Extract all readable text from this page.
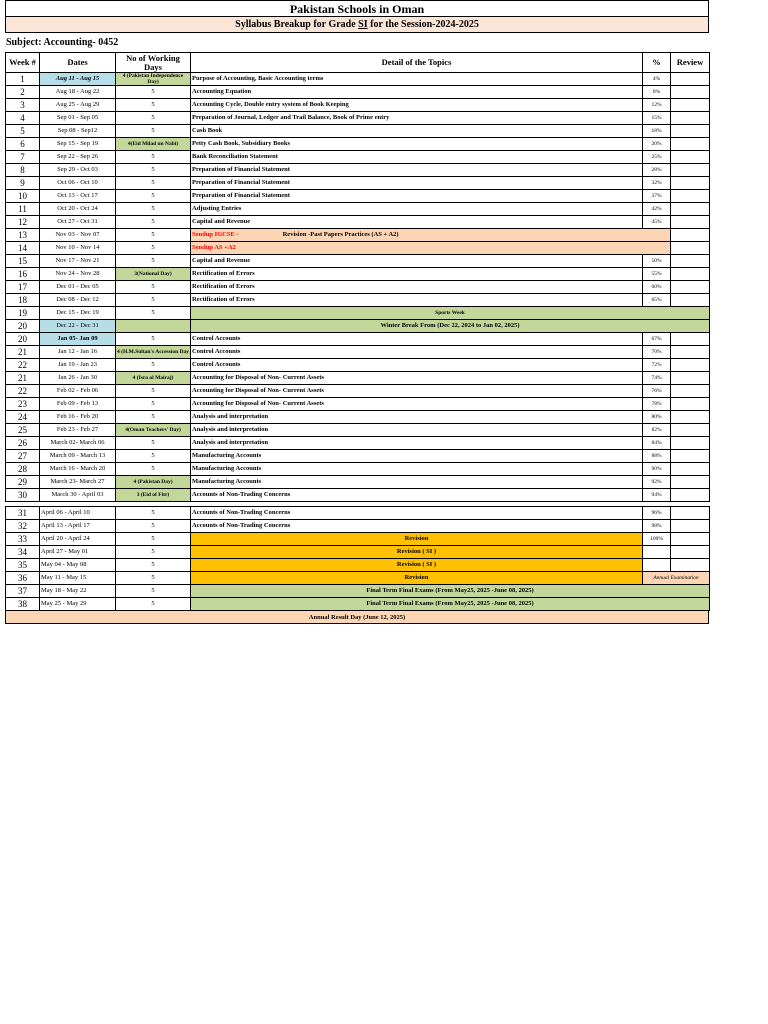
Pakistan Schools in Oman
Syllabus Breakup for Grade SI for the Session-2024-2025
Subject: Accounting- 0452
Week #	Dates	No of Working Days	Detail of the Topics	%	Review
1	Aug 11 - Aug 15	4 (Pakistan Independence Day)	Purpose of Accounting, Basic Accounting terms	4%	
2	Aug 18 - Aug 22	5	Accounting Equation	8%	
3	Aug 25 - Aug 29	5	Accounting Cycle, Double entry system of Book Keeping	12%	
4	Sep 01 - Sep 05	5	Preparation of Journal, Ledger and Trail Balance, Book of Prime entry	15%	
5	Sep 08 - Sep12	5	Cash Book	18%	
6	Sep 15 - Sep 19	4(Eid Milad un Nabi)	Petty Cash Book, Subsidiary Books	20%	
7	Sep 22 - Sep 26	5	Bank Reconciliation Statement	25%	
8	Sep 29 - Oct 03	5	Preparation of Financial Statement	28%	
9	Oct 06 - Oct 10	5	Preparation of Financial Statement	32%	
10	Oct 13 - Oct 17	5	Preparation of Financial Statement	37%	
11	Oct 20 - Oct 24	5	Adjusting Entries	42%	
12	Oct 27 - Oct 31	5	Capital and Revenue	45%	
13	Nov 03 - Nov 07	5	Sendup IGCSE - Revision -Past Papers Practices (AS + A2)		
14	Nov 10 - Nov 14	5	Sendup AS +A2		
15	Nov 17 - Nov 21	5	Capital and Revenue	50%	
16	Nov 24 - Nov 28	3(National Day)	Rectification of Errors	55%	
17	Dec 01 - Dec 05	5	Rectification of Errors	60%	
18	Dec 08 - Dec 12	5	Rectification of Errors	65%	
19	Dec 15 - Dec 19	5	Sports Week		
20	Dec 22 - Dec 31		Winter Break From (Dec 22, 2024 to Jan 02, 2025)		
20	Jan 05- Jan 09	5	Control Accounts	67%	
21	Jan 12 - Jan 16	4 (H.M.Sultan's Accession Day	Control Accounts	70%	
22	Jan 19 - Jan 23	5	Control Accounts	72%	
21	Jan 26 - Jan 30	4 (Isra ol Mairaj)	Accounting for Disposal of Non- Current Assets	74%	
22	Feb 02 - Feb 06	5	Accounting for Disposal of Non- Current Assets	76%	
23	Feb 09 - Feb 13	5	Accounting for Disposal of Non- Current Assets	78%	
24	Feb 16 - Feb 20	5	Analysis and interpretation	80%	
25	Feb 23 - Feb 27	4(Oman Teachers' Day)	Analysis and interpretation	82%	
26	March 02- March 06	5	Analysis and interpretation	84%	
27	March 09 - March 13	5	Manufacturing Accounts	88%	
28	March 16 - March 20	5	Manufacturing Accounts	90%	
29	March 23- March 27	4 (Pakistan Day)	Manufacturing Accounts	92%	
30	March 30 - April 03	3 (Eid of Fitr)	Accounts of Non-Trading Concerns	94%	
31	April 06 - April 10	5	Accounts of Non-Trading Concerns	96%	
32	April 13 - April 17	5	Accounts of Non-Trading Concerns	98%	
33	April 20 - April 24	5	Revision	100%	
34	April 27 - May 01	5	Revision ( SI )		
35	May 04 - May 08	5	Revision ( SI )		
36	May 11 - May 15	5	Revision	Annual Examination	
37	May 18 - May 22	5	Final Term Final Exams (From May25, 2025 -June 08, 2025)		
38	May 25 - May 29	5	Final Term Final Exams (From May25, 2025 -June 08, 2025)		
Annual Result Day (June 12, 2025)
